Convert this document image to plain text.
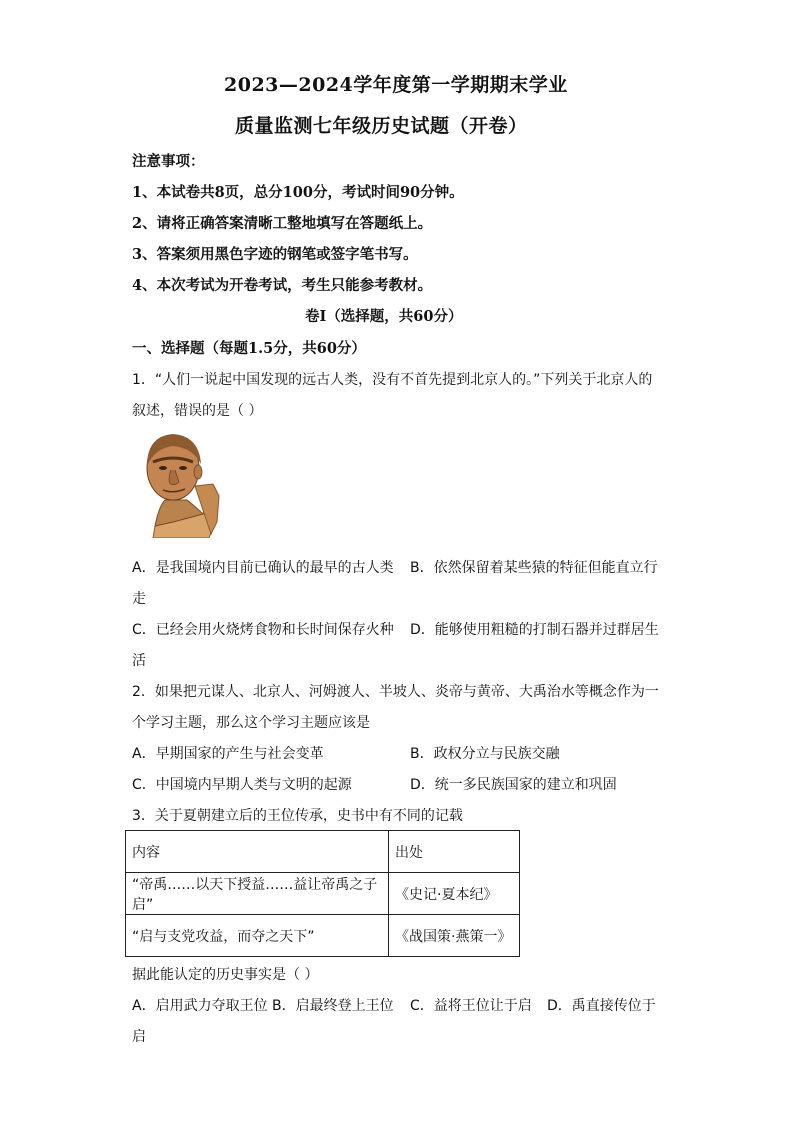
2023—2024学年度第一学期期末学业
质量监测七年级历史试题（开卷）
注意事项：
1、本试卷共8页，总分100分，考试时间90分钟。
2、请将正确答案清晰工整地填写在答题纸上。
3、答案须用黑色字迹的钢笔或签字笔书写。
4、本次考试为开卷考试，考生只能参考教材。
卷Ⅰ（选择题，共60分）
一、选择题（每题1.5分，共60分）
1．“人们一说起中国发现的远古人类，没有不首先提到北京人的。”下列关于北京人的
叙述，错误的是（ ）
A．是我国境内目前已确认的最早的古人类 B．依然保留着某些猿的特征但能直立行
走
C．已经会用火烧烤食物和长时间保存火种 D．能够使用粗糙的打制石器并过群居生
活
2．如果把元谋人、北京人、河姆渡人、半坡人、炎帝与黄帝、大禹治水等概念作为一
个学习主题，那么这个学习主题应该是
A．早期国家的产生与社会变革	B．政权分立与民族交融
C．中国境内早期人类与文明的起源	D．统一多民族国家的建立和巩固
3．关于夏朝建立后的王位传承，史书中有不同的记载
内容	出处
“帝禹……以天下授益……益让帝禹之子启”	《史记·夏本纪》
“启与支党攻益，而夺之天下”	《战国策·燕策一》
据此能认定的历史事实是（ ）
A．启用武力夺取王位 B．启最终登上王位 C．益将王位让于启 D．禹直接传位于
启
